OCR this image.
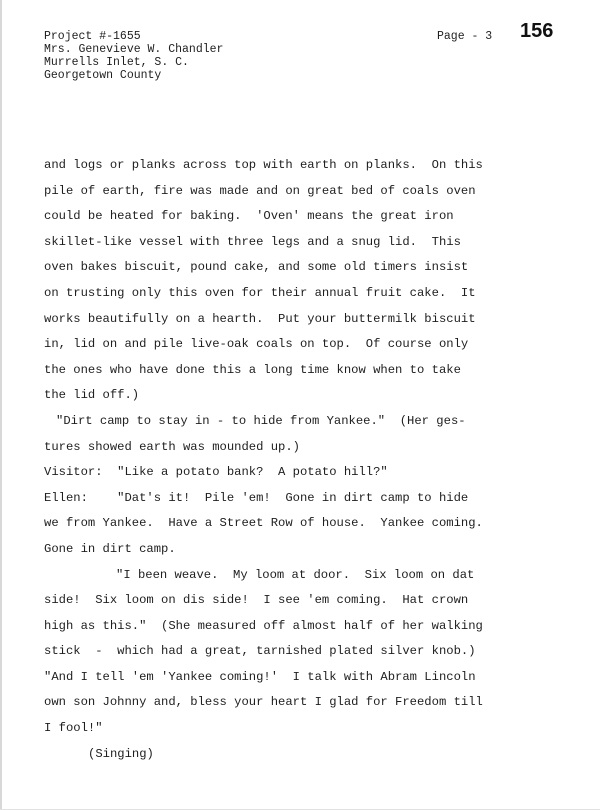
Project #-1655
Mrs. Genevieve W. Chandler
Murrells Inlet, S. C.
Georgetown County
Page - 3 156
and logs or planks across top with earth on planks.  On this
pile of earth, fire was made and on great bed of coals oven
could be heated for baking.  'Oven' means the great iron
skillet-like vessel with three legs and a snug lid.  This
oven bakes biscuit, pound cake, and some old timers insist
on trusting only this oven for their annual fruit cake.  It
works beautifully on a hearth.  Put your buttermilk biscuit
in, lid on and pile live-oak coals on top.  Of course only
the ones who have done this a long time know when to take
the lid off.)
"Dirt camp to stay in - to hide from Yankee."  (Her ges-
tures showed earth was mounded up.)
Visitor:  "Like a potato bank?  A potato hill?"
Ellen:    "Dat's it!  Pile 'em!  Gone in dirt camp to hide
we from Yankee.  Have a Street Row of house.  Yankee coming.
Gone in dirt camp.
"I been weave.  My loom at door.  Six loom on dat
side!  Six loom on dis side!  I see 'em coming.  Hat crown
high as this."  (She measured off almost half of her walking
stick  -  which had a great, tarnished plated silver knob.)
"And I tell 'em 'Yankee coming!'  I talk with Abram Lincoln
own son Johnny and, bless your heart I glad for Freedom till
I fool!"
(Singing)
